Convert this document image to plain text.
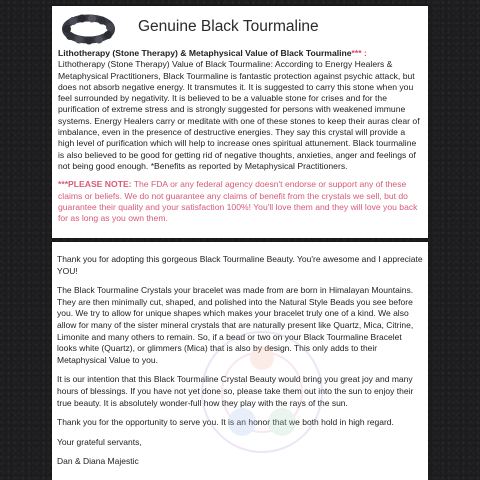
Genuine Black Tourmaline

Lithotherapy (Stone Therapy) & Metaphysical Value of Black Tourmaline*** :
Lithotherapy (Stone Therapy) Value of Black Tourmaline: According to Energy Healers & Metaphysical Practitioners, Black Tourmaline is fantastic protection against psychic attack, but does not absorb negative energy. It transmutes it. It is suggested to carry this stone when you feel surrounded by negativity. It is believed to be a valuable stone for crises and for the purification of extreme stress and is strongly suggested for persons with weakened immune systems. Energy Healers carry or meditate with one of these stones to keep their auras clear of imbalance, even in the presence of destructive energies. They say this crystal will provide a high level of purification which will help to increase ones spiritual attunement. Black tourmaline is also believed to be good for getting rid of negative thoughts, anxieties, anger and feelings of not being good enough. *Benefits as reported by Metaphysical Practitioners.

***PLEASE NOTE: The FDA or any federal agency doesn't endorse or support any of these claims or beliefs. We do not guarantee any claims of benefit from the crystals we sell, but do guarantee their quality and your satisfaction 100%! You'll love them and they will love you back for as long as you own them.

Thank you for adopting this gorgeous Black Tourmaline Beauty. You're awesome and I appreciate YOU!

The Black Tourmaline Crystals your bracelet was made from are born in Himalayan Mountains. They are then minimally cut, shaped, and polished into the Natural Style Beads you see before you. We try to allow for unique shapes which makes your bracelet truly one of a kind. We also allow for many of the sister mineral crystals that are naturally present like Quartz, Mica, Citrine, Limonite and many others to remain. So, if a bead or two on your Black Tourmaline Bracelet looks white (Quartz), or glimmers (Mica) that is also by design. This only adds to their Metaphysical Value to you.

It is our intention that this Black Tourmaline Crystal Beauty would bring you great joy and many hours of blessings. If you have not yet done so, please take them out into the sun to enjoy their true beauty. It is absolutely wonder-full how they play with the rays of the sun.

Thank you for the opportunity to serve you. It is an honor that we both hold in high regard.

Your grateful servants,

Dan & Diana Majestic
